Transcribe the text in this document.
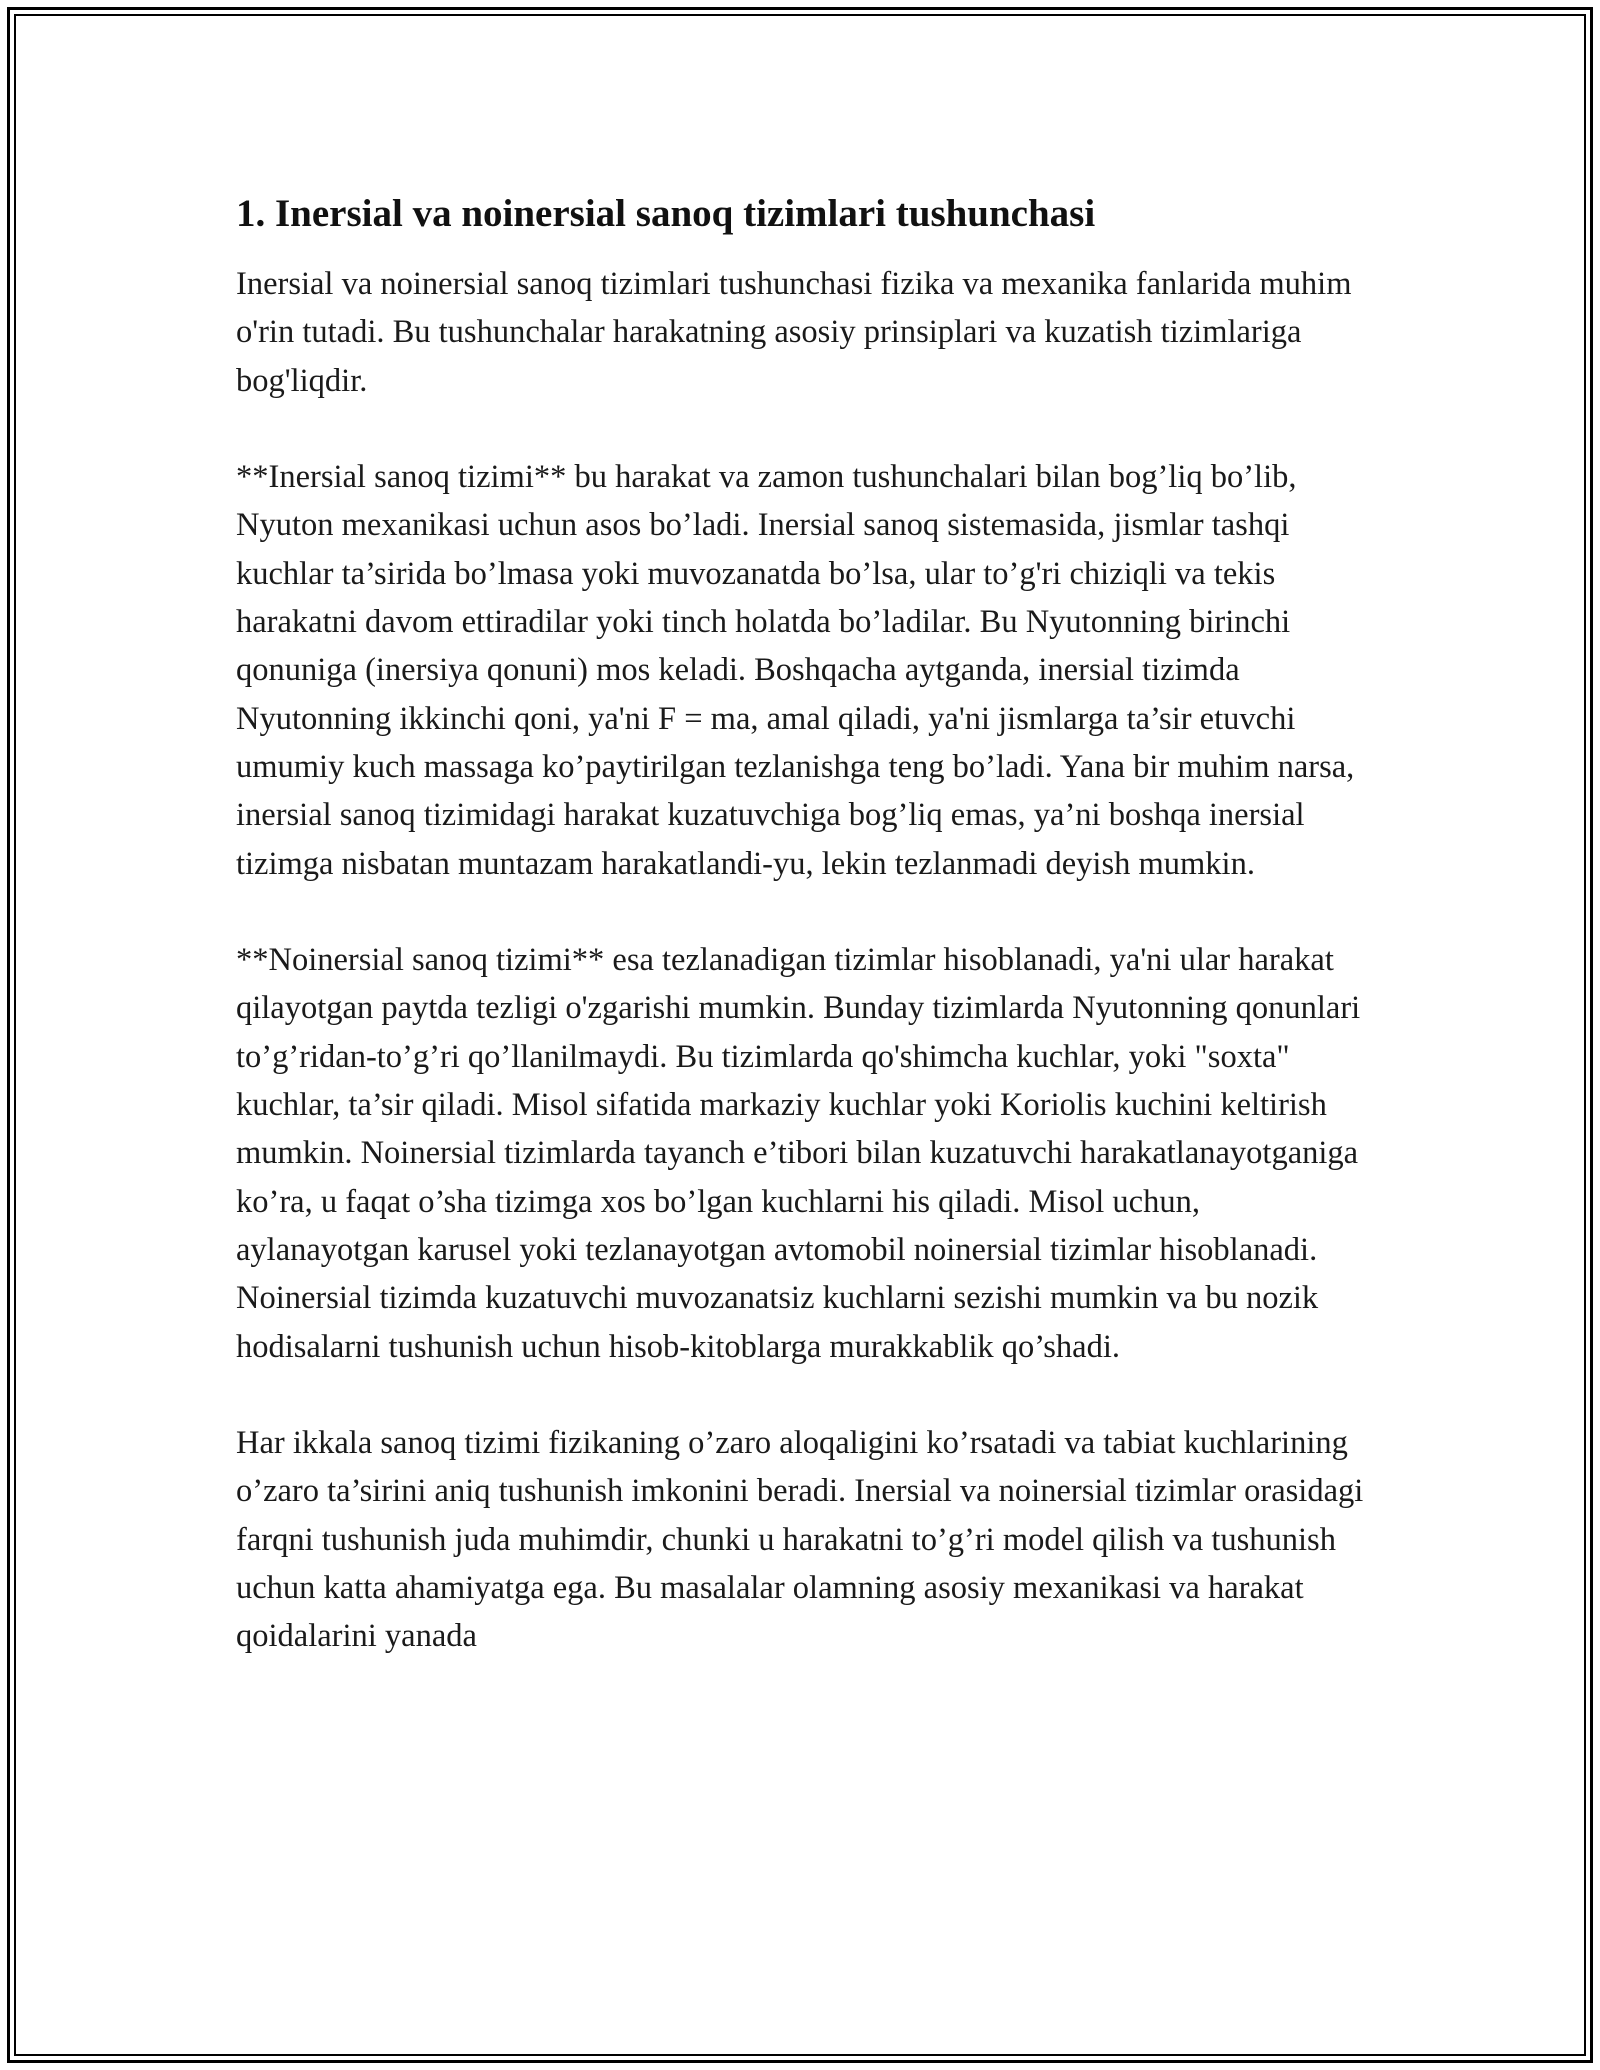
1. Inersial va noinersial sanoq tizimlari tushunchasi

Inersial va noinersial sanoq tizimlari tushunchasi fizika va mexanika fanlarida muhim o'rin tutadi. Bu tushunchalar harakatning asosiy prinsiplari va kuzatish tizimlariga bog'liqdir.

**Inersial sanoq tizimi** bu harakat va zamon tushunchalari bilan bog’liq bo’lib, Nyuton mexanikasi uchun asos bo’ladi. Inersial sanoq sistemasida, jismlar tashqi kuchlar ta’sirida bo’lmasa yoki muvozanatda bo’lsa, ular to’g'ri chiziqli va tekis harakatni davom ettiradilar yoki tinch holatda bo’ladilar. Bu Nyutonning birinchi qonuniga (inersiya qonuni) mos keladi. Boshqacha aytganda, inersial tizimda Nyutonning ikkinchi qoni, ya'ni F = ma, amal qiladi, ya'ni jismlarga ta’sir etuvchi umumiy kuch massaga ko’paytirilgan tezlanishga teng bo’ladi. Yana bir muhim narsa, inersial sanoq tizimidagi harakat kuzatuvchiga bog’liq emas, ya’ni boshqa inersial tizimga nisbatan muntazam harakatlandi-yu, lekin tezlanmadi deyish mumkin.

**Noinersial sanoq tizimi** esa tezlanadigan tizimlar hisoblanadi, ya'ni ular harakat qilayotgan paytda tezligi o'zgarishi mumkin. Bunday tizimlarda Nyutonning qonunlari to’g’ridan-to’g’ri qo’llanilmaydi. Bu tizimlarda qo'shimcha kuchlar, yoki "soxta" kuchlar, ta’sir qiladi. Misol sifatida markaziy kuchlar yoki Koriolis kuchini keltirish mumkin. Noinersial tizimlarda tayanch e’tibori bilan kuzatuvchi harakatlanayotganiga ko’ra, u faqat o’sha tizimga xos bo’lgan kuchlarni his qiladi. Misol uchun, aylanayotgan karusel yoki tezlanayotgan avtomobil noinersial tizimlar hisoblanadi. Noinersial tizimda kuzatuvchi muvozanatsiz kuchlarni sezishi mumkin va bu nozik hodisalarni tushunish uchun hisob-kitoblarga murakkablik qo’shadi.

Har ikkala sanoq tizimi fizikaning o’zaro aloqaligini ko’rsatadi va tabiat kuchlarining o’zaro ta’sirini aniq tushunish imkonini beradi. Inersial va noinersial tizimlar orasidagi farqni tushunish juda muhimdir, chunki u harakatni to’g’ri model qilish va tushunish uchun katta ahamiyatga ega. Bu masalalar olamning asosiy mexanikasi va harakat qoidalarini yanada
